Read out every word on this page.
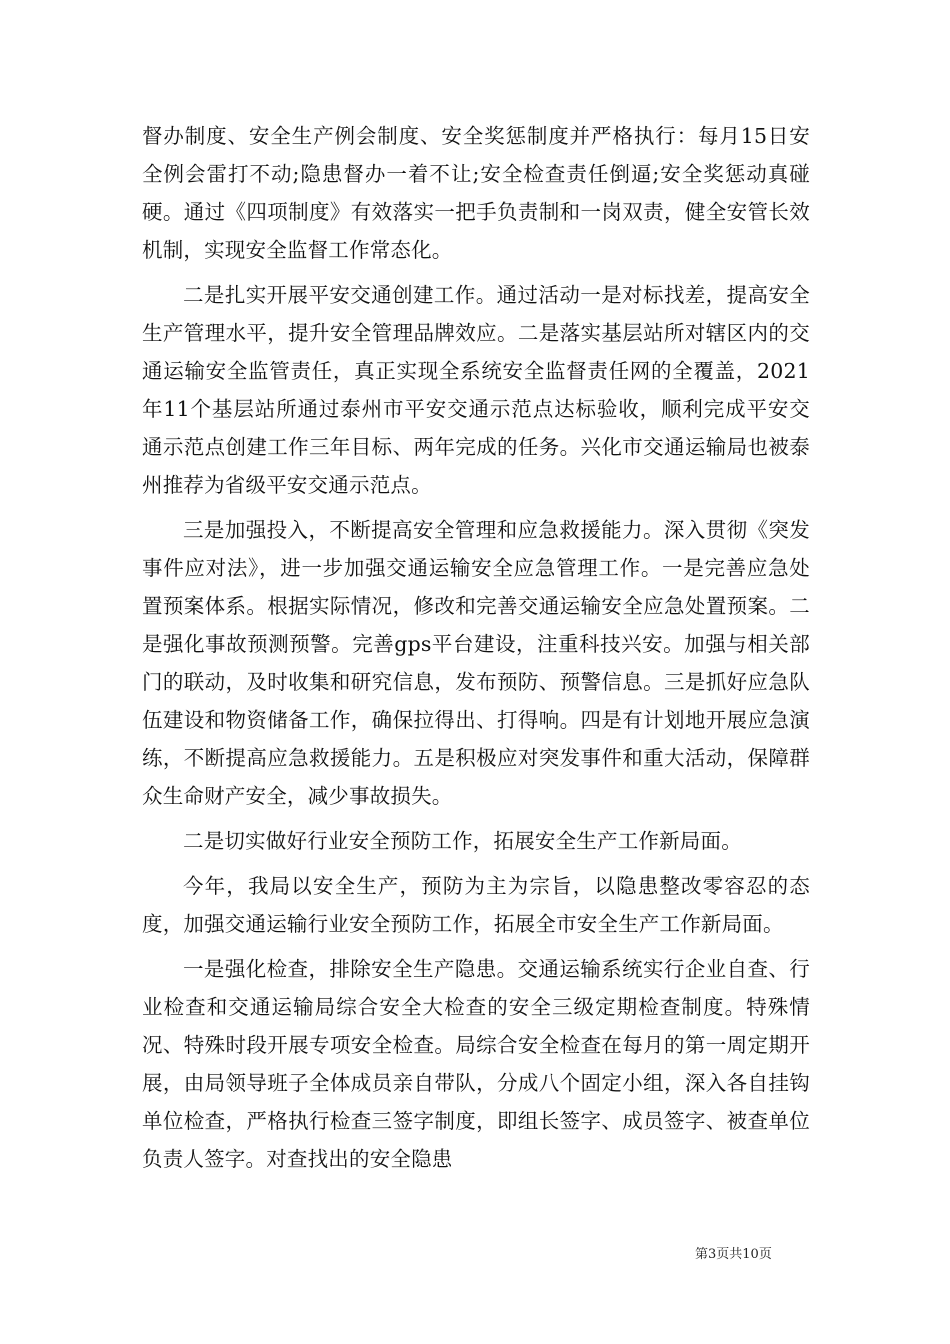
督办制度、安全生产例会制度、安全奖惩制度并严格执行：每月15日安全例会雷打不动;隐患督办一着不让;安全检查责任倒逼;安全奖惩动真碰硬。通过《四项制度》有效落实一把手负责制和一岗双责，健全安管长效机制，实现安全监督工作常态化。

二是扎实开展平安交通创建工作。通过活动一是对标找差，提高安全生产管理水平，提升安全管理品牌效应。二是落实基层站所对辖区内的交通运输安全监管责任，真正实现全系统安全监督责任网的全覆盖，2021年11个基层站所通过泰州市平安交通示范点达标验收，顺利完成平安交通示范点创建工作三年目标、两年完成的任务。兴化市交通运输局也被泰州推荐为省级平安交通示范点。

三是加强投入，不断提高安全管理和应急救援能力。深入贯彻《突发事件应对法》，进一步加强交通运输安全应急管理工作。一是完善应急处置预案体系。根据实际情况，修改和完善交通运输安全应急处置预案。二是强化事故预测预警。完善gps平台建设，注重科技兴安。加强与相关部门的联动，及时收集和研究信息，发布预防、预警信息。三是抓好应急队伍建设和物资储备工作，确保拉得出、打得响。四是有计划地开展应急演练，不断提高应急救援能力。五是积极应对突发事件和重大活动，保障群众生命财产安全，减少事故损失。

二是切实做好行业安全预防工作，拓展安全生产工作新局面。

今年，我局以安全生产，预防为主为宗旨，以隐患整改零容忍的态度，加强交通运输行业安全预防工作，拓展全市安全生产工作新局面。

一是强化检查，排除安全生产隐患。交通运输系统实行企业自查、行业检查和交通运输局综合安全大检查的安全三级定期检查制度。特殊情况、特殊时段开展专项安全检查。局综合安全检查在每月的第一周定期开展，由局领导班子全体成员亲自带队，分成八个固定小组，深入各自挂钩单位检查，严格执行检查三签字制度，即组长签字、成员签字、被查单位负责人签字。对查找出的安全隐患

第3页共10页
